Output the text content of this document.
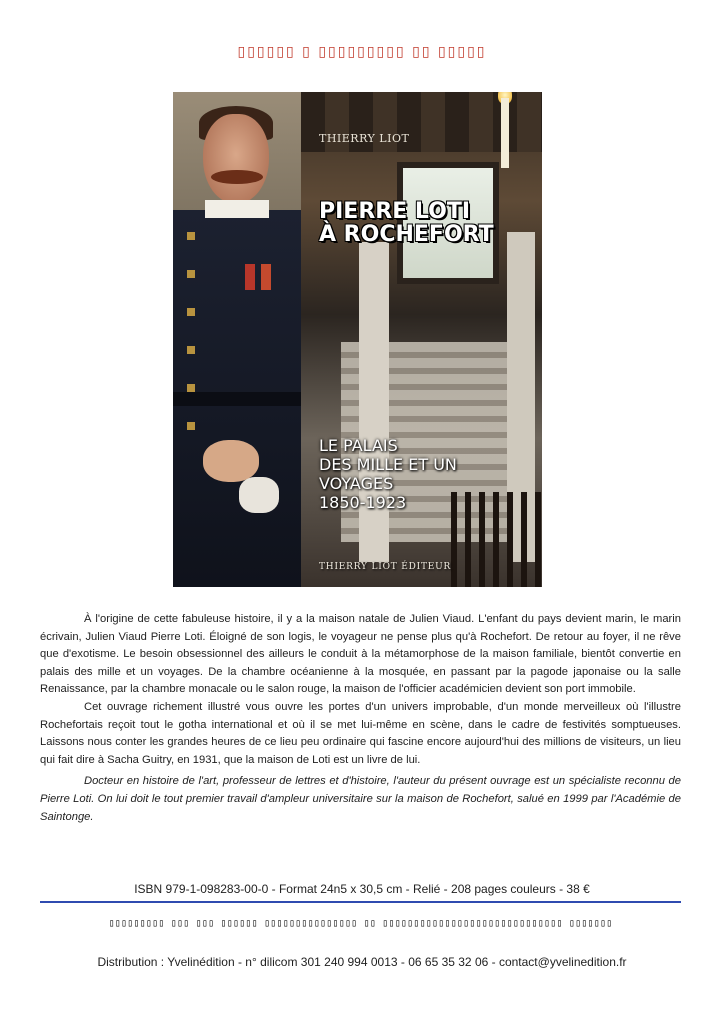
▯▯▯▯▯▯ ▯ ▯▯▯▯▯▯▯▯▯ ▯▯ ▯▯▯▯▯
THIERRY LIOT
PIERRE LOTI
À ROCHEFORT
LE PALAIS
DES MILLE ET UN
VOYAGES
1850-1923
THIERRY LIOT ÉDITEUR

À l'origine de cette fabuleuse histoire, il y a la maison natale de Julien Viaud. L'enfant du pays devient marin, le marin écrivain, Julien Viaud Pierre Loti. Éloigné de son logis, le voyageur ne pense plus qu'à Rochefort. De retour au foyer, il ne rêve que d'exotisme. Le besoin obsessionnel des ailleurs le conduit à la métamorphose de la maison familiale, bientôt convertie en palais des mille et un voyages. De la chambre océanienne à la mosquée, en passant par la pagode japonaise ou la salle Renaissance, par la chambre monacale ou le salon rouge, la maison de l'officier académicien devient son port immobile.

Cet ouvrage richement illustré vous ouvre les portes d'un univers improbable, d'un monde merveilleux où l'illustre Rochefortais reçoit tout le gotha international et où il se met lui-même en scène, dans le cadre de festivités somptueuses. Laissons nous conter les grandes heures de ce lieu peu ordinaire qui fascine encore aujourd'hui des millions de visiteurs, un lieu qui fait dire à Sacha Guitry, en 1931, que la maison de Loti est un livre de lui.

Docteur en histoire de l'art, professeur de lettres et d'histoire, l'auteur du présent ouvrage est un spécialiste reconnu de Pierre Loti. On lui doit le tout premier travail d'ampleur universitaire sur la maison de Rochefort, salué en 1999 par l'Académie de Saintonge.

ISBN 979-1-098283-00-0 - Format 24n5 x 30,5 cm - Relié - 208 pages couleurs - 38 €
▯▯▯▯▯▯▯▯▯ ▯▯▯ ▯▯▯ ▯▯▯▯▯▯ ▯▯▯▯▯▯▯▯▯▯▯▯▯▯▯ ▯▯ ▯▯▯▯▯▯▯▯▯▯▯▯▯▯▯▯▯▯▯▯▯▯▯▯▯▯▯▯▯ ▯▯▯▯▯▯▯
Distribution : Yvelinédition - n° dilicom 301 240 994 0013 - 06 65 35 32 06 - contact@yvelinedition.fr
